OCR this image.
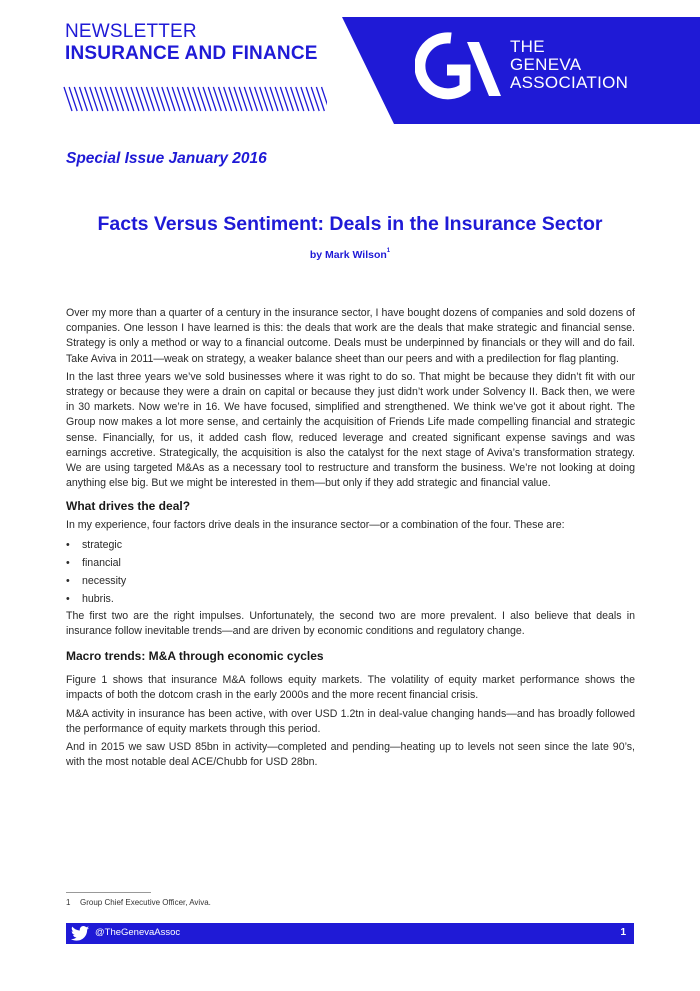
NEWSLETTER
INSURANCE AND FINANCE	THE
GENEVA
ASSOCIATION
Special Issue January 2016
Facts Versus Sentiment: Deals in the Insurance Sector
by Mark Wilson$^1$

Over my more than a quarter of a century in the insurance sector, I have bought dozens of companies and sold dozens of companies. One lesson I have learned is this: the deals that work are the deals that make strategic and financial sense. Strategy is only a method or way to a financial outcome. Deals must be underpinned by financials or they will and do fail. Take Aviva in 2011—weak on strategy, a weaker balance sheet than our peers and with a predilection for flag planting.

In the last three years we’ve sold businesses where it was right to do so. That might be because they didn’t fit with our strategy or because they were a drain on capital or because they just didn’t work under Solvency II. Back then, we were in 30 markets. Now we’re in 16. We have focused, simplified and strengthened. We think we’ve got it about right. The Group now makes a lot more sense, and certainly the acquisition of Friends Life made compelling financial and strategic sense. Financially, for us, it added cash flow, reduced leverage and created significant expense savings and was earnings accretive. Strategically, the acquisition is also the catalyst for the next stage of Aviva’s transformation strategy. We are using targeted M&As as a necessary tool to restructure and transform the business. We’re not looking at doing anything else big. But we might be interested in them—but only if they add strategic and financial value.

What drives the deal?

In my experience, four factors drive deals in the insurance sector—or a combination of the four. These are:

• strategic
• financial
• necessity
• hubris.

The first two are the right impulses. Unfortunately, the second two are more prevalent. I also believe that deals in insurance follow inevitable trends—and are driven by economic conditions and regulatory change.

Macro trends: M&A through economic cycles

Figure 1 shows that insurance M&A follows equity markets. The volatility of equity market performance shows the impacts of both the dotcom crash in the early 2000s and the more recent financial crisis.

M&A activity in insurance has been active, with over USD 1.2tn in deal-value changing hands—and has broadly followed the performance of equity markets through this period.

And in 2015 we saw USD 85bn in activity—completed and pending—heating up to levels not seen since the late 90’s, with the most notable deal ACE/Chubb for USD 28bn.

1 Group Chief Executive Officer, Aviva.
@TheGenevaAssoc	1
